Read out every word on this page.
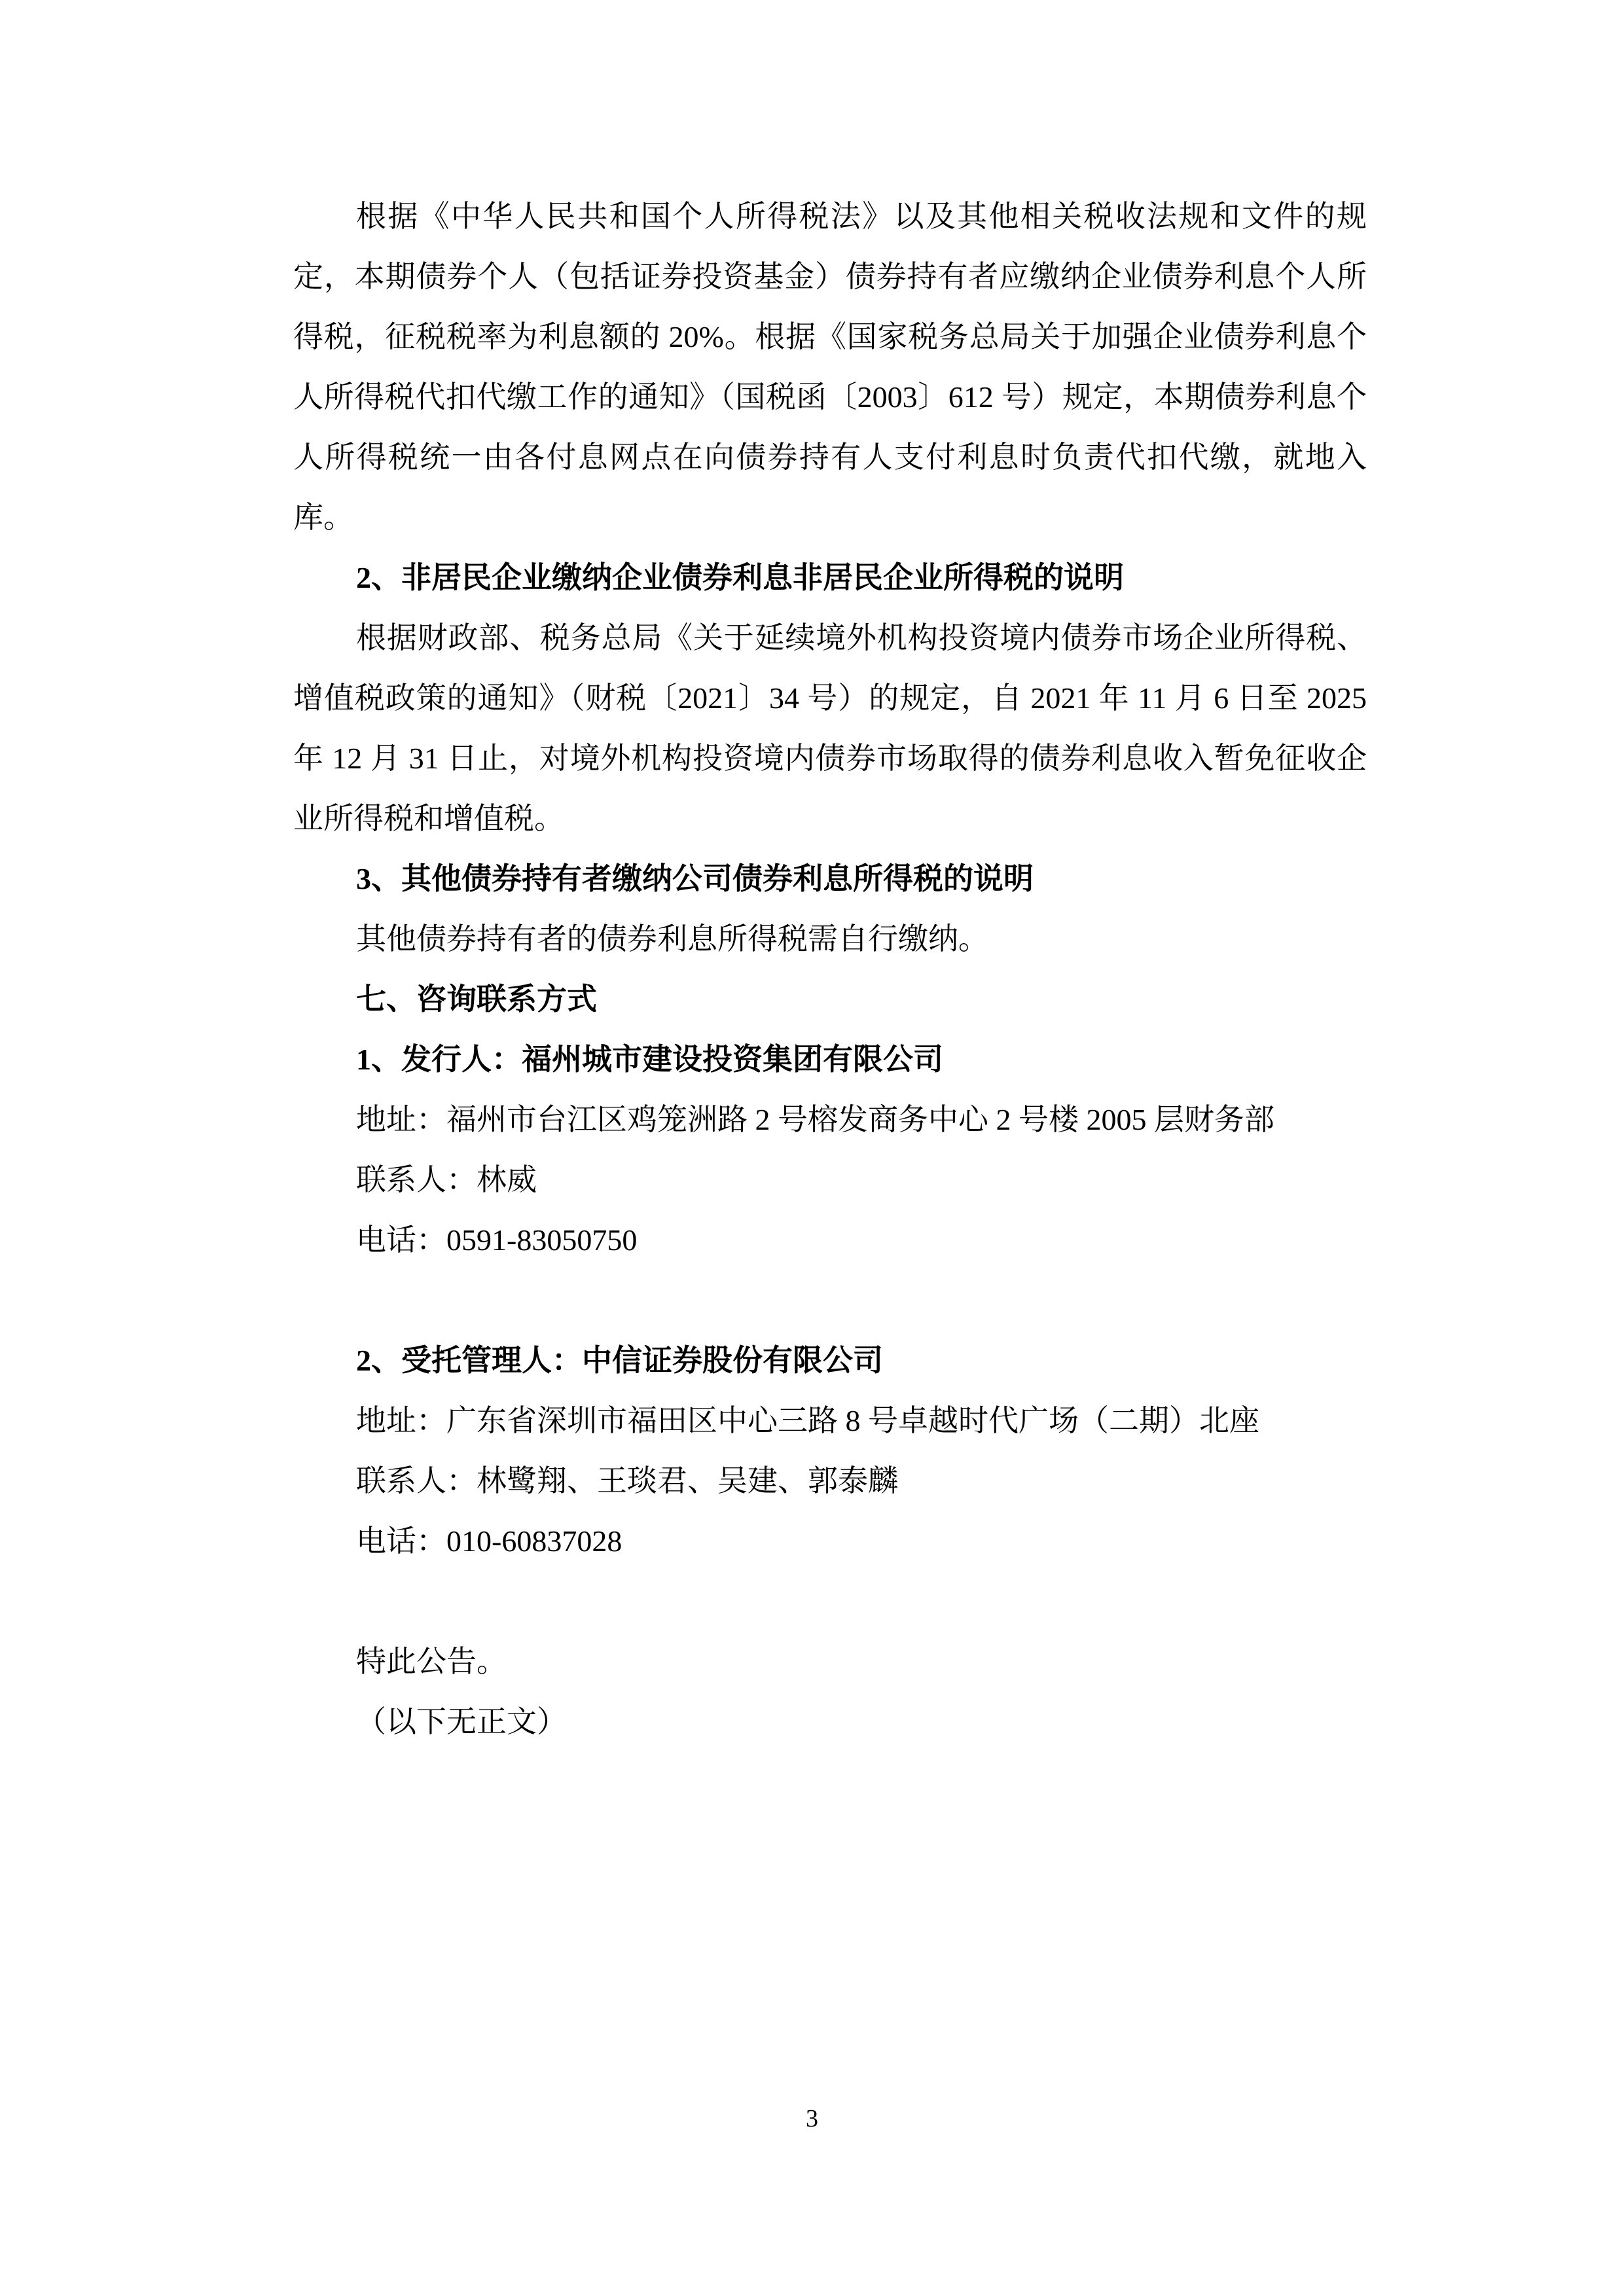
根据《中华人民共和国个人所得税法》以及其他相关税收法规和文件的规定，本期债券个人（包括证券投资基金）债券持有者应缴纳企业债券利息个人所得税，征税税率为利息额的 20%。根据《国家税务总局关于加强企业债券利息个人所得税代扣代缴工作的通知》（国税函〔2003〕612 号）规定，本期债券利息个人所得税统一由各付息网点在向债券持有人支付利息时负责代扣代缴，就地入库。

2、非居民企业缴纳企业债券利息非居民企业所得税的说明

根据财政部、税务总局《关于延续境外机构投资境内债券市场企业所得税、增值税政策的通知》（财税〔2021〕34 号）的规定，自 2021 年 11 月 6 日至 2025 年 12 月 31 日止，对境外机构投资境内债券市场取得的债券利息收入暂免征收企业所得税和增值税。

3、其他债券持有者缴纳公司债券利息所得税的说明

其他债券持有者的债券利息所得税需自行缴纳。

七、咨询联系方式

1、发行人：福州城市建设投资集团有限公司

地址：福州市台江区鸡笼洲路 2 号榕发商务中心 2 号楼 2005 层财务部

联系人：林威

电话：0591-83050750

2、受托管理人：中信证券股份有限公司

地址：广东省深圳市福田区中心三路 8 号卓越时代广场（二期）北座

联系人：林鹭翔、王琰君、吴建、郭泰麟

电话：010-60837028

特此公告。

（以下无正文）

3
